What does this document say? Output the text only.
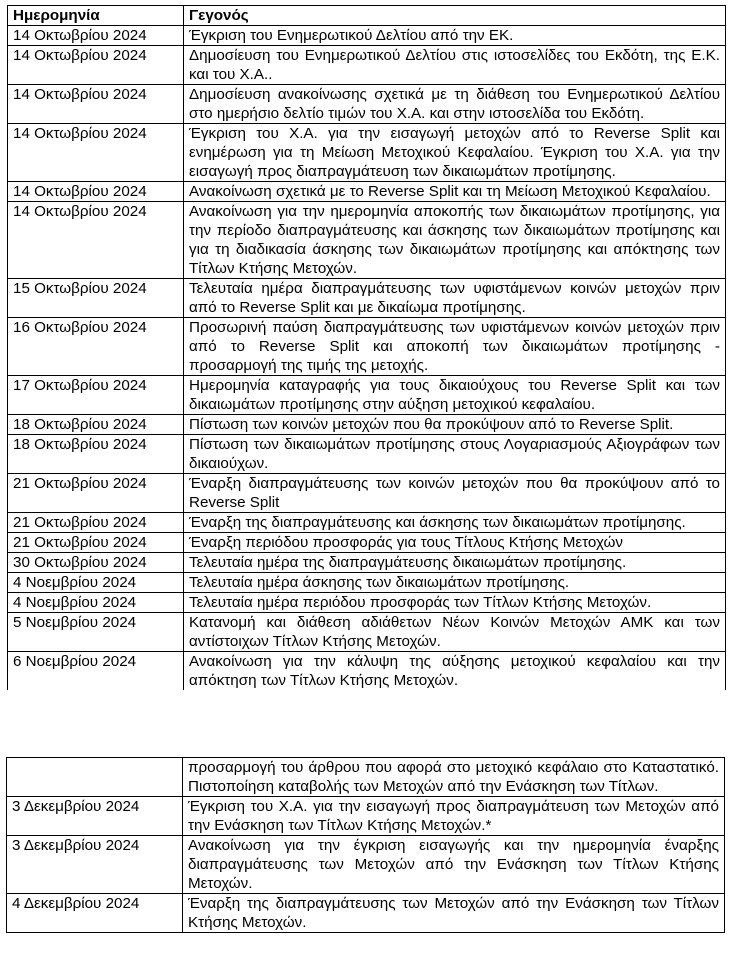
Ημερομηνία	Γεγονός
14 Οκτωβρίου 2024	Έγκριση του Ενημερωτικού Δελτίου από την ΕΚ.
14 Οκτωβρίου 2024	Δημοσίευση του Ενημερωτικού Δελτίου στις ιστοσελίδες του Εκδότη, της Ε.Κ. και του Χ.Α..
14 Οκτωβρίου 2024	Δημοσίευση ανακοίνωσης σχετικά με τη διάθεση του Ενημερωτικού Δελτίου στο ημερήσιο δελτίο τιμών του Χ.Α. και στην ιστοσελίδα του Εκδότη.
14 Οκτωβρίου 2024	Έγκριση του Χ.Α. για την εισαγωγή μετοχών από το Reverse Split και ενημέρωση για τη Μείωση Μετοχικού Κεφαλαίου. Έγκριση του Χ.Α. για την εισαγωγή προς διαπραγμάτευση των δικαιωμάτων προτίμησης.
14 Οκτωβρίου 2024	Ανακοίνωση σχετικά με το Reverse Split και τη Μείωση Μετοχικού Κεφαλαίου.
14 Οκτωβρίου 2024	Ανακοίνωση για την ημερομηνία αποκοπής των δικαιωμάτων προτίμησης, για την περίοδο διαπραγμάτευσης και άσκησης των δικαιωμάτων προτίμησης και για τη διαδικασία άσκησης των δικαιωμάτων προτίμησης και απόκτησης των Τίτλων Κτήσης Μετοχών.
15 Οκτωβρίου 2024	Τελευταία ημέρα διαπραγμάτευσης των υφιστάμενων κοινών μετοχών πριν από το Reverse Split και με δικαίωμα προτίμησης.
16 Οκτωβρίου 2024	Προσωρινή παύση διαπραγμάτευσης των υφιστάμενων κοινών μετοχών πριν από το Reverse Split και αποκοπή των δικαιωμάτων προτίμησης - προσαρμογή της τιμής της μετοχής.
17 Οκτωβρίου 2024	Ημερομηνία καταγραφής για τους δικαιούχους του Reverse Split και των δικαιωμάτων προτίμησης στην αύξηση μετοχικού κεφαλαίου.
18 Οκτωβρίου 2024	Πίστωση των κοινών μετοχών που θα προκύψουν από το Reverse Split.
18 Οκτωβρίου 2024	Πίστωση των δικαιωμάτων προτίμησης στους Λογαριασμούς Αξιογράφων των δικαιούχων.
21 Οκτωβρίου 2024	Έναρξη διαπραγμάτευσης των κοινών μετοχών που θα προκύψουν από το Reverse Split
21 Οκτωβρίου 2024	Έναρξη της διαπραγμάτευσης και άσκησης των δικαιωμάτων προτίμησης.
21 Οκτωβρίου 2024	Έναρξη περιόδου προσφοράς για τους Τίτλους Κτήσης Μετοχών
30 Οκτωβρίου 2024	Τελευταία ημέρα της διαπραγμάτευσης δικαιωμάτων προτίμησης.
4 Νοεμβρίου 2024	Τελευταία ημέρα άσκησης των δικαιωμάτων προτίμησης.
4 Νοεμβρίου 2024	Τελευταία ημέρα περιόδου προσφοράς των Τίτλων Κτήσης Μετοχών.
5 Νοεμβρίου 2024	Κατανομή και διάθεση αδιάθετων Νέων Κοινών Μετοχών ΑΜΚ και των αντίστοιχων Τίτλων Κτήσης Μετοχών.
6 Νοεμβρίου 2024	Ανακοίνωση για την κάλυψη της αύξησης μετοχικού κεφαλαίου και την απόκτηση των Τίτλων Κτήσης Μετοχών.
	προσαρμογή του άρθρου που αφορά στο μετοχικό κεφάλαιο στο Καταστατικό. Πιστοποίηση καταβολής των Μετοχών από την Ενάσκηση των Τίτλων.
3 Δεκεμβρίου 2024	Έγκριση του Χ.Α. για την εισαγωγή προς διαπραγμάτευση των Μετοχών από την Ενάσκηση των Τίτλων Κτήσης Μετοχών.*
3 Δεκεμβρίου 2024	Ανακοίνωση για την έγκριση εισαγωγής και την ημερομηνία έναρξης διαπραγμάτευσης των Μετοχών από την Ενάσκηση των Τίτλων Κτήσης Μετοχών.
4 Δεκεμβρίου 2024	Έναρξη της διαπραγμάτευσης των Μετοχών από την Ενάσκηση των Τίτλων Κτήσης Μετοχών.
